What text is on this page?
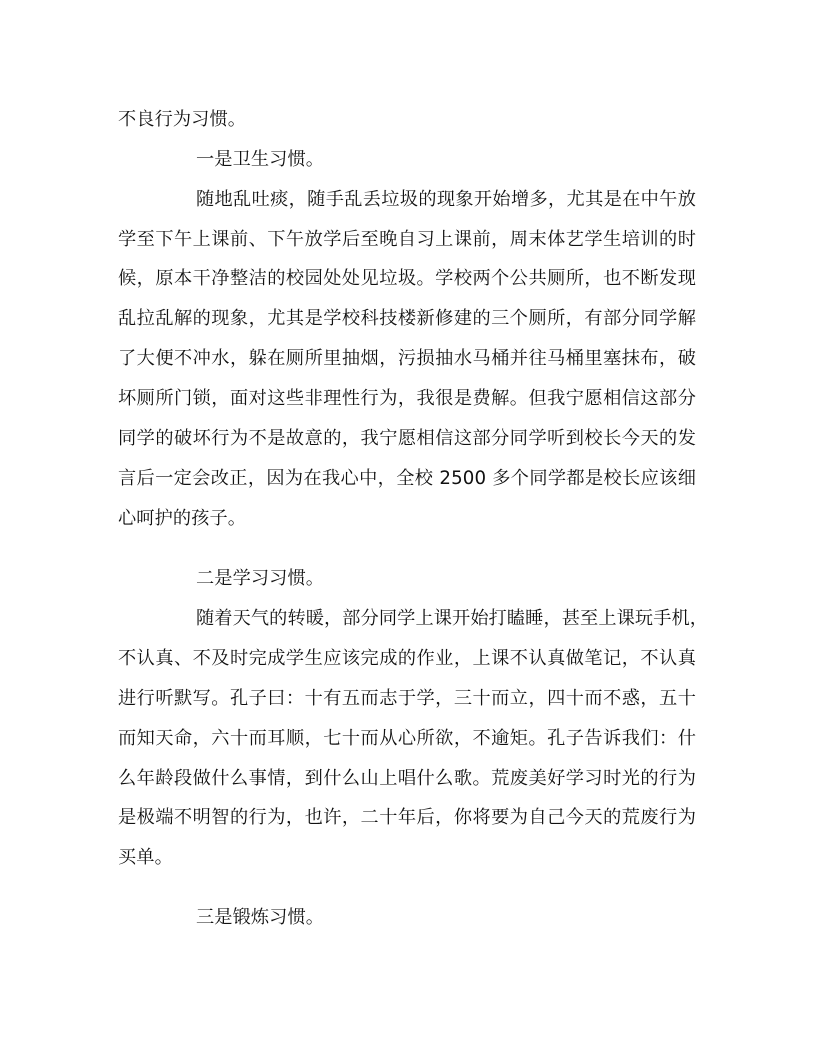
不良行为习惯。
一是卫生习惯。
随地乱吐痰，随手乱丢垃圾的现象开始增多，尤其是在中午放
学至下午上课前、下午放学后至晚自习上课前，周末体艺学生培训的时
候，原本干净整洁的校园处处见垃圾。学校两个公共厕所，也不断发现
乱拉乱解的现象，尤其是学校科技楼新修建的三个厕所，有部分同学解
了大便不冲水，躲在厕所里抽烟，污损抽水马桶并往马桶里塞抹布，破
坏厕所门锁，面对这些非理性行为，我很是费解。但我宁愿相信这部分
同学的破坏行为不是故意的，我宁愿相信这部分同学听到校长今天的发
言后一定会改正，因为在我心中，全校 2500 多个同学都是校长应该细
心呵护的孩子。
二是学习习惯。
随着天气的转暖，部分同学上课开始打瞌睡，甚至上课玩手机，
不认真、不及时完成学生应该完成的作业，上课不认真做笔记，不认真
进行听默写。孔子曰：十有五而志于学，三十而立，四十而不惑，五十
而知天命，六十而耳顺，七十而从心所欲，不逾矩。孔子告诉我们：什
么年龄段做什么事情，到什么山上唱什么歌。荒废美好学习时光的行为
是极端不明智的行为，也许，二十年后，你将要为自己今天的荒废行为
买单。
三是锻炼习惯。
